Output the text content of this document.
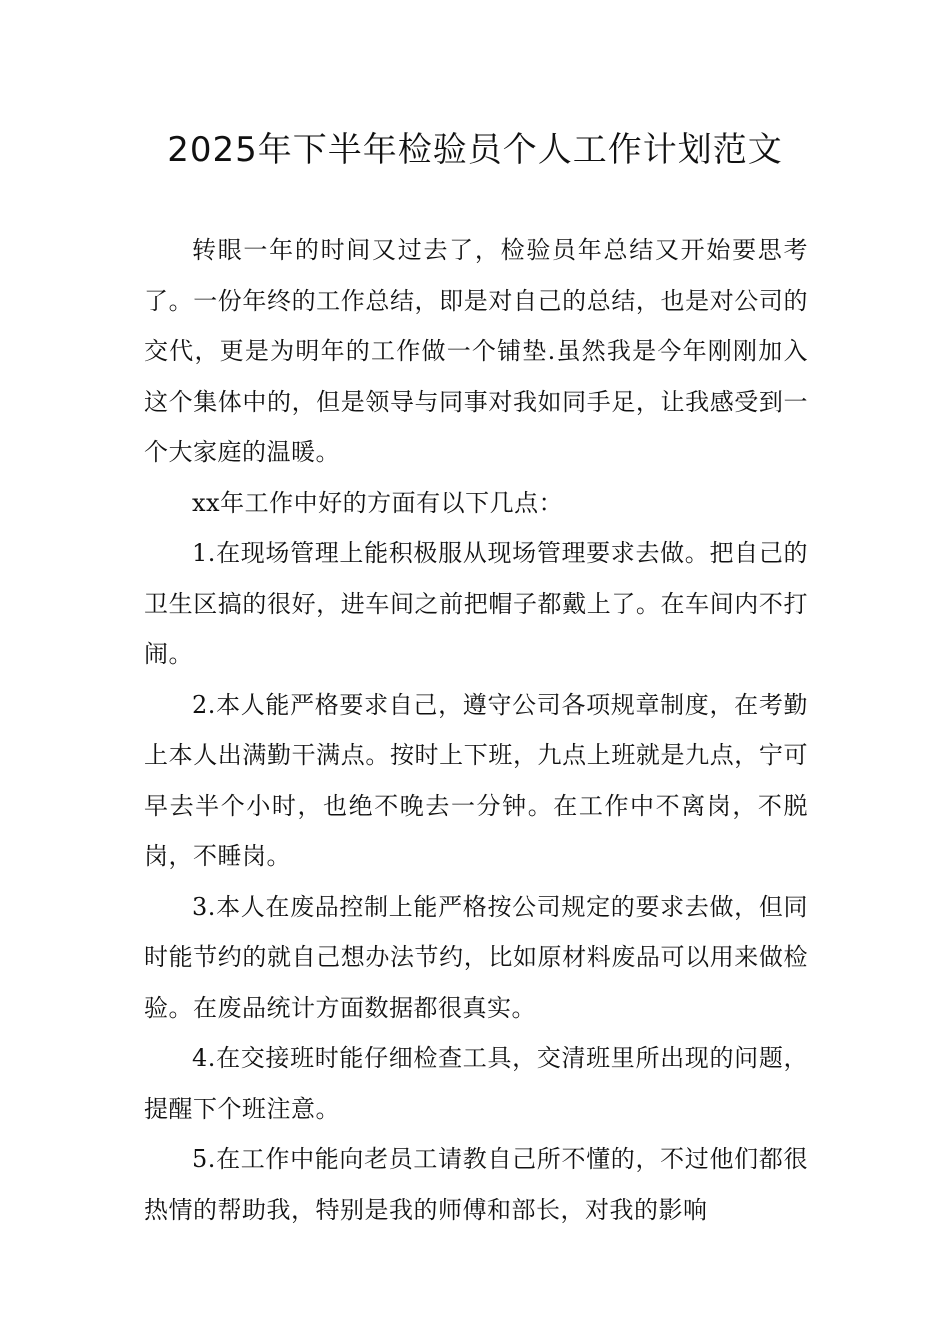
2025年下半年检验员个人工作计划范文

转眼一年的时间又过去了，检验员年总结又开始要思考了。一份年终的工作总结，即是对自己的总结，也是对公司的交代，更是为明年的工作做一个铺垫.虽然我是今年刚刚加入这个集体中的，但是领导与同事对我如同手足，让我感受到一个大家庭的温暖。

xx年工作中好的方面有以下几点：

1.在现场管理上能积极服从现场管理要求去做。把自己的卫生区搞的很好，进车间之前把帽子都戴上了。在车间内不打闹。

2.本人能严格要求自己，遵守公司各项规章制度，在考勤上本人出满勤干满点。按时上下班，九点上班就是九点，宁可早去半个小时，也绝不晚去一分钟。在工作中不离岗，不脱岗，不睡岗。

3.本人在废品控制上能严格按公司规定的要求去做，但同时能节约的就自己想办法节约，比如原材料废品可以用来做检验。在废品统计方面数据都很真实。

4.在交接班时能仔细检查工具，交清班里所出现的问题，提醒下个班注意。

5.在工作中能向老员工请教自己所不懂的，不过他们都很热情的帮助我，特别是我的师傅和部长，对我的影响
